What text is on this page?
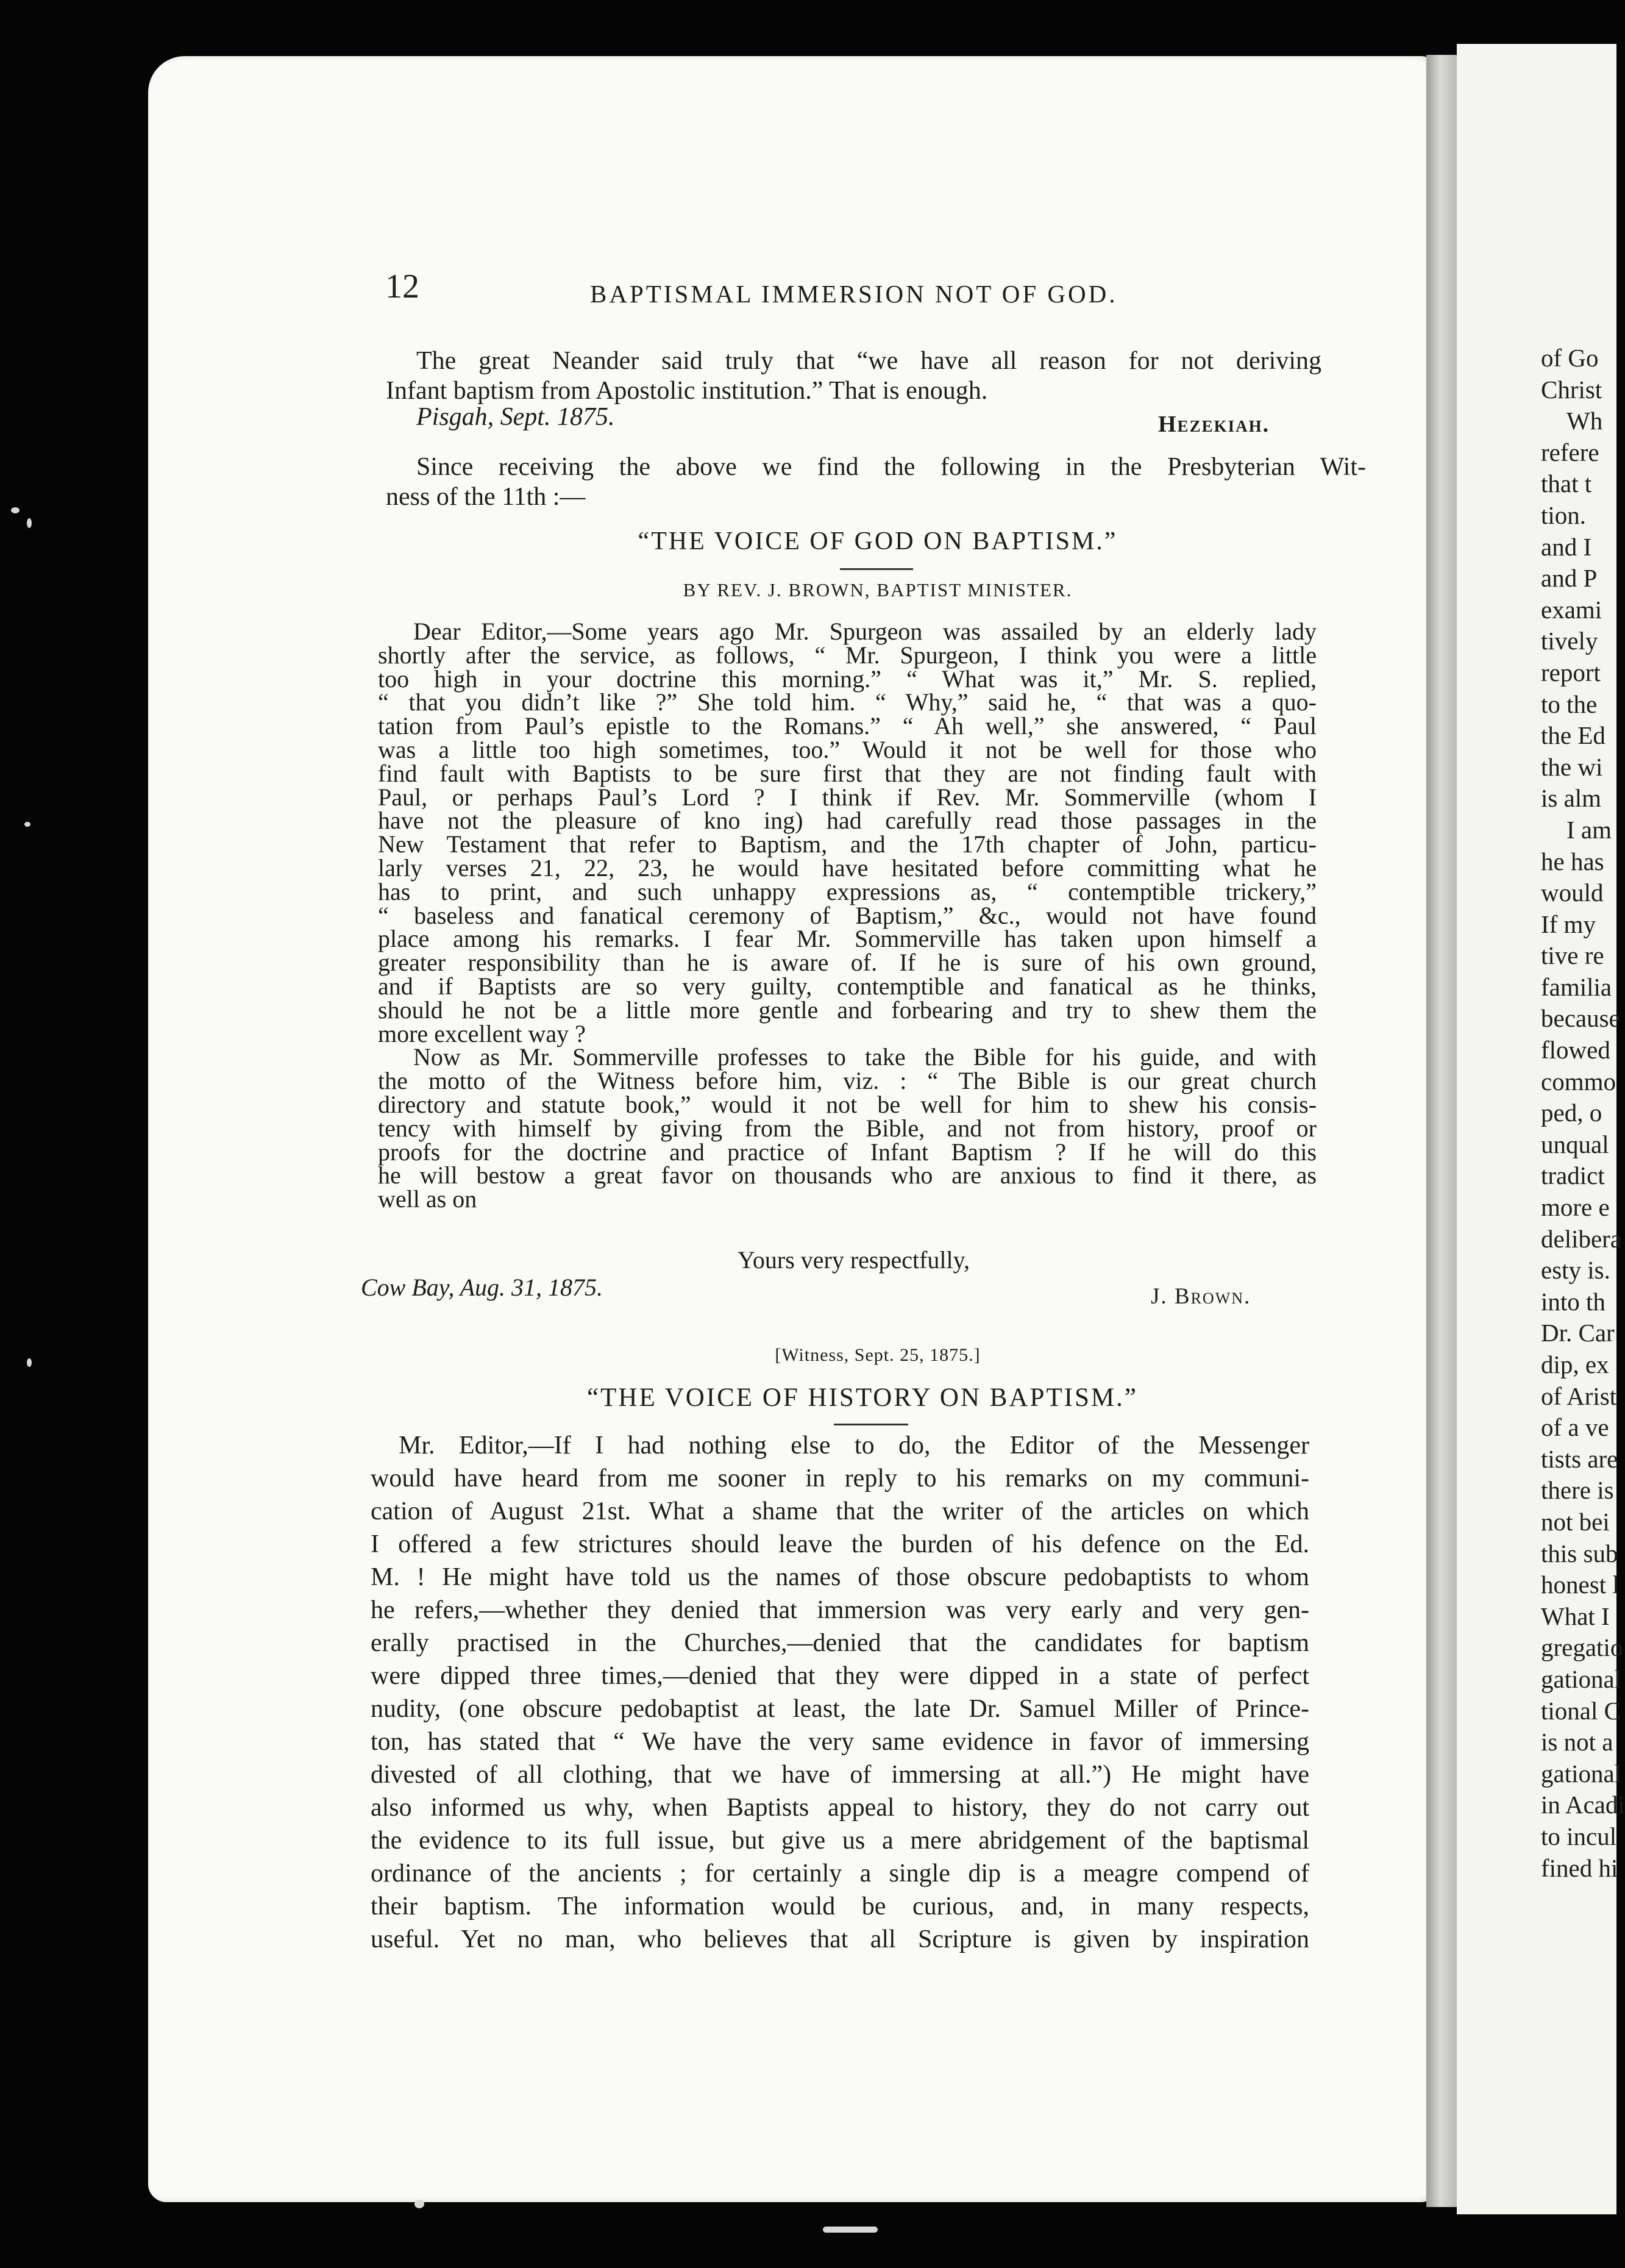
of Go
Christ
Wh
refere
that t
tion.
and I
and P
exami
tively
report
to the
the Ed
the wi
is alm
I am
he has
would
If my
tive re
familia
because
flowed
commo
ped, o
unqual
tradict
more e
delibera
esty is.
into th
Dr. Car
dip, ex
of Arist
of a ve
tists are
there is
not bei
this sub
honest l
What I
gregatio
gational
tional C
is not a
gational
in Acadi
to incul
fined hi
12	BAPTISMAL IMMERSION NOT OF GOD.
The great Neander said truly that “we have all reason for not deriving
Infant baptism from Apostolic institution.” That is enough.
Pisgah, Sept. 1875.	Hezekiah.
Since receiving the above we find the following in the Presbyterian Wit-
ness of the 11th :—
“THE VOICE OF GOD ON BAPTISM.”
BY REV. J. BROWN, BAPTIST MINISTER.
Dear Editor,—Some years ago Mr. Spurgeon was assailed by an elderly lady
shortly after the service, as follows, “ Mr. Spurgeon, I think you were a little
too high in your doctrine this morning.” “ What was it,” Mr. S. replied,
“ that you didn’t like ?” She told him. “ Why,” said he, “ that was a quo-
tation from Paul’s epistle to the Romans.” “ Ah well,” she answered, “ Paul
was a little too high sometimes, too.” Would it not be well for those who
find fault with Baptists to be sure first that they are not finding fault with
Paul, or perhaps Paul’s Lord ? I think if Rev. Mr. Sommerville (whom I
have not the pleasure of kno ing) had carefully read those passages in the
New Testament that refer to Baptism, and the 17th chapter of John, particu-
larly verses 21, 22, 23, he would have hesitated before committing what he
has to print, and such unhappy expressions as, “ contemptible trickery,”
“ baseless and fanatical ceremony of Baptism,” &c., would not have found
place among his remarks. I fear Mr. Sommerville has taken upon himself a
greater responsibility than he is aware of. If he is sure of his own ground,
and if Baptists are so very guilty, contemptible and fanatical as he thinks,
should he not be a little more gentle and forbearing and try to shew them the
more excellent way ?
Now as Mr. Sommerville professes to take the Bible for his guide, and with
the motto of the Witness before him, viz. : “ The Bible is our great church
directory and statute book,” would it not be well for him to shew his consis-
tency with himself by giving from the Bible, and not from history, proof or
proofs for the doctrine and practice of Infant Baptism ? If he will do this
he will bestow a great favor on thousands who are anxious to find it there, as
well as on
Yours very respectfully,
Cow Bay, Aug. 31, 1875.	J. Brown.
[Witness, Sept. 25, 1875.]
“THE VOICE OF HISTORY ON BAPTISM.”
Mr. Editor,—If I had nothing else to do, the Editor of the Messenger
would have heard from me sooner in reply to his remarks on my communi-
cation of August 21st. What a shame that the writer of the articles on which
I offered a few strictures should leave the burden of his defence on the Ed.
M. ! He might have told us the names of those obscure pedobaptists to whom
he refers,—whether they denied that immersion was very early and very gen-
erally practised in the Churches,—denied that the candidates for baptism
were dipped three times,—denied that they were dipped in a state of perfect
nudity, (one obscure pedobaptist at least, the late Dr. Samuel Miller of Prince-
ton, has stated that “ We have the very same evidence in favor of immersing
divested of all clothing, that we have of immersing at all.”) He might have
also informed us why, when Baptists appeal to history, they do not carry out
the evidence to its full issue, but give us a mere abridgement of the baptismal
ordinance of the ancients ; for certainly a single dip is a meagre compend of
their baptism. The information would be curious, and, in many respects,
useful. Yet no man, who believes that all Scripture is given by inspiration
